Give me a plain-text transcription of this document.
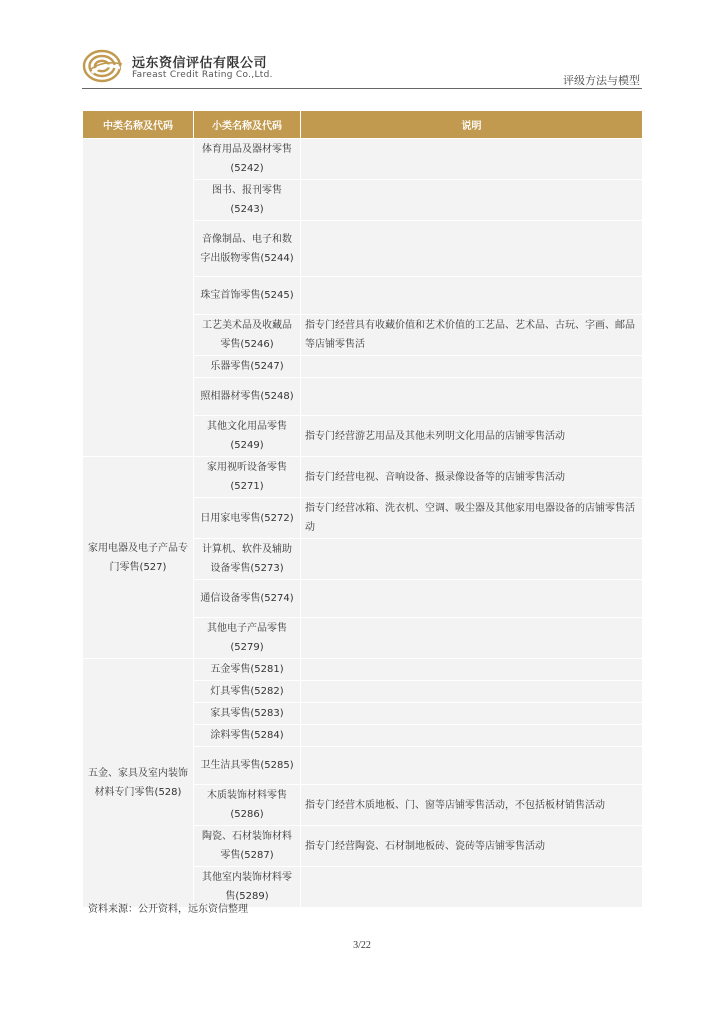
远东资信评估有限公司
Fareast Credit Rating Co.,Ltd.	评级方法与模型
中类名称及代码	小类名称及代码	说明
	体育用品及器材零售(5242)	
	图书、报刊零售(5243)	
	音像制品、电子和数字出版物零售(5244)	
	珠宝首饰零售(5245)	
	工艺美术品及收藏品零售(5246)	指专门经营具有收藏价值和艺术价值的工艺品、艺术品、古玩、字画、邮品等店铺零售活
	乐器零售(5247)	
	照相器材零售(5248)	
	其他文化用品零售(5249)	指专门经营游艺用品及其他未列明文化用品的店铺零售活动
家用电器及电子产品专门零售(527)	家用视听设备零售(5271)	指专门经营电视、音响设备、摄录像设备等的店铺零售活动
	日用家电零售(5272)	指专门经营冰箱、洗衣机、空调、吸尘器及其他家用电器设备的店铺零售活动
	计算机、软件及辅助设备零售(5273)	
	通信设备零售(5274)	
	其他电子产品零售(5279)	
五金、家具及室内装饰材料专门零售(528)	五金零售(5281)	
	灯具零售(5282)	
	家具零售(5283)	
	涂料零售(5284)	
	卫生洁具零售(5285)	
	木质装饰材料零售(5286)	指专门经营木质地板、门、窗等店铺零售活动，不包括板材销售活动
	陶瓷、石材装饰材料零售(5287)	指专门经营陶瓷、石材制地板砖、瓷砖等店铺零售活动
	其他室内装饰材料零售(5289)	
资料来源：公开资料，远东资信整理
3/22
